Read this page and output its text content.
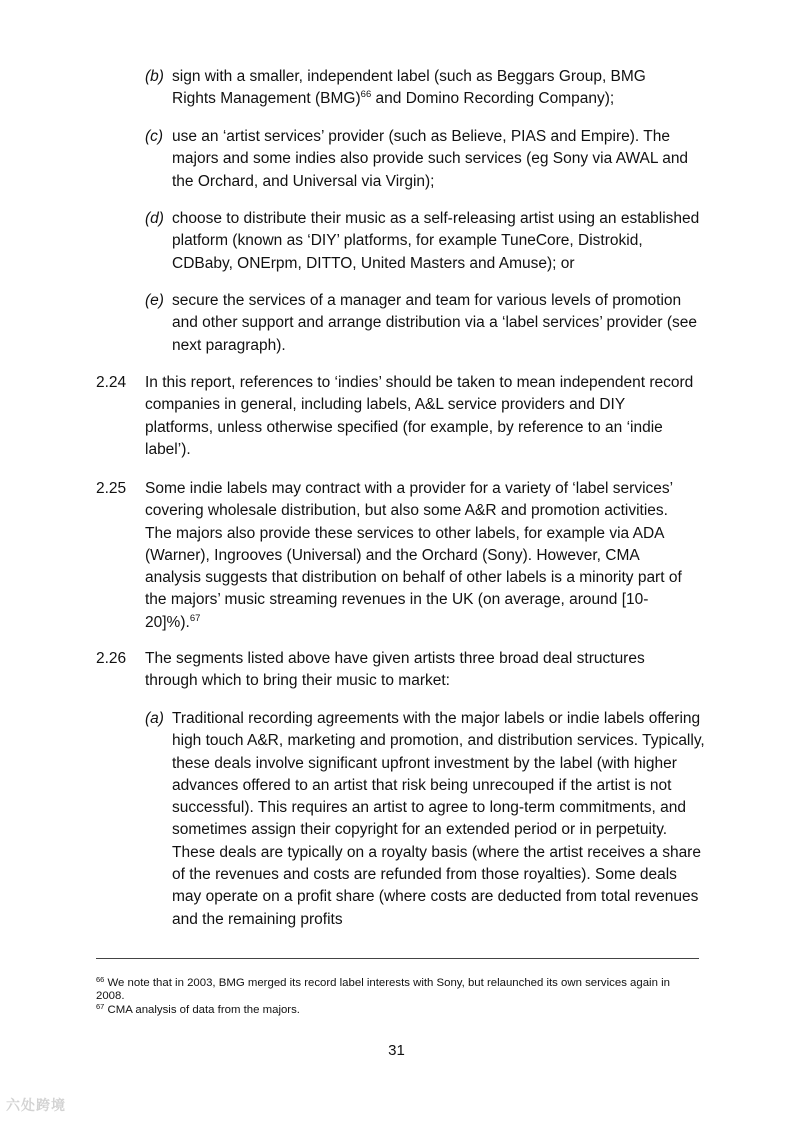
(b) sign with a smaller, independent label (such as Beggars Group, BMG
Rights Management (BMG)$^{66}$ and Domino Recording Company);
(c) use an ‘artist services’ provider (such as Believe, PIAS and Empire). The majors and some indies also provide such services (eg Sony via AWAL and the Orchard, and Universal via Virgin);
(d) choose to distribute their music as a self-releasing artist using an established platform (known as ‘DIY’ platforms, for example TuneCore, Distrokid, CDBaby, ONErpm, DITTO, United Masters and Amuse); or
(e) secure the services of a manager and team for various levels of promotion and other support and arrange distribution via a ‘label services’ provider (see next paragraph).
2.24 In this report, references to ‘indies’ should be taken to mean independent record companies in general, including labels, A&L service providers and DIY platforms, unless otherwise specified (for example, by reference to an ‘indie label’).
2.25 Some indie labels may contract with a provider for a variety of ‘label services’ covering wholesale distribution, but also some A&R and promotion activities. The majors also provide these services to other labels, for example via ADA (Warner), Ingrooves (Universal) and the Orchard (Sony). However, CMA analysis suggests that distribution on behalf of other labels is a minority part of the majors’ music streaming revenues in the UK (on average, around [10-20]%).$^{67}$
2.26 The segments listed above have given artists three broad deal structures through which to bring their music to market:
(a) Traditional recording agreements with the major labels or indie labels offering high touch A&R, marketing and promotion, and distribution services. Typically, these deals involve significant upfront investment by the label (with higher advances offered to an artist that risk being unrecouped if the artist is not successful). This requires an artist to agree to long-term commitments, and sometimes assign their copyright for an extended period or in perpetuity. These deals are typically on a royalty basis (where the artist receives a share of the revenues and costs are refunded from those royalties). Some deals may operate on a profit share (where costs are deducted from total revenues and the remaining profits
$^{66}$ We note that in 2003, BMG merged its record label interests with Sony, but relaunched its own services again in 2008.
$^{67}$ CMA analysis of data from the majors.
31
六处跨境
